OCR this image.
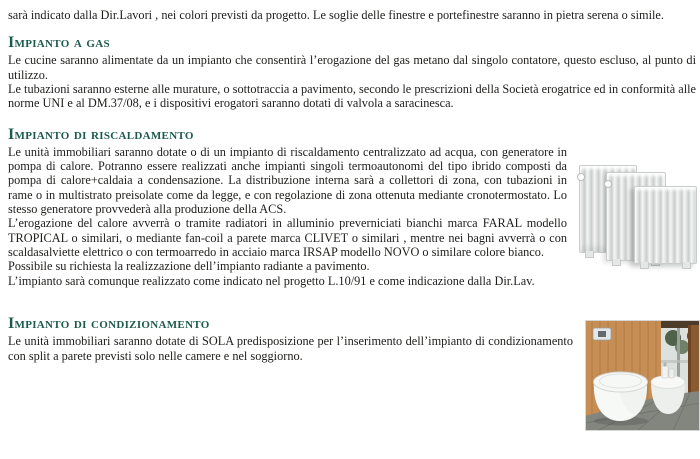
sarà indicato dalla Dir.Lavori , nei colori previsti da progetto. Le soglie delle finestre e portefinestre saranno in pietra serena o simile.

Impianto a gas

Le cucine saranno alimentate da un impianto che consentirà l’erogazione del gas metano dal singolo contatore, questo escluso, al punto di utilizzo.

Le tubazioni saranno esterne alle murature, o sottotraccia a pavimento, secondo le prescrizioni della Società erogatrice ed in conformità alle norme UNI e al DM.37/08, e i dispositivi erogatori saranno dotati di valvola a saracinesca.

Impianto di riscaldamento

Le unità immobiliari saranno dotate o di un impianto di riscaldamento centralizzato ad acqua, con generatore in pompa di calore. Potranno essere realizzati anche impianti singoli termoautonomi del tipo ibrido composti da pompa di calore+caldaia a condensazione. La distribuzione interna sarà a collettori di zona, con tubazioni in rame o in multistrato preisolate come da legge, e con regolazione di zona ottenuta mediante cronotermostato. Lo stesso generatore provvederà alla produzione della ACS.

L’erogazione del calore avverrà o tramite radiatori in alluminio preverniciati bianchi marca FARAL modello TROPICAL o similari, o mediante fan-coil a parete marca CLIVET o similari , mentre nei bagni avverrà o con scaldasalviette elettrico o con termoarredo in acciaio marca IRSAP modello NOVO o similare colore bianco.

Possibile su richiesta la realizzazione dell’impianto radiante a pavimento.

L’impianto sarà comunque realizzato come indicato nel progetto L.10/91 e come indicazione dalla Dir.Lav.

Impianto di condizionamento

Le unità immobiliari saranno dotate di SOLA predisposizione per l’inserimento dell’impianto di condizionamento con split a parete previsti solo nelle camere e nel soggiorno.
